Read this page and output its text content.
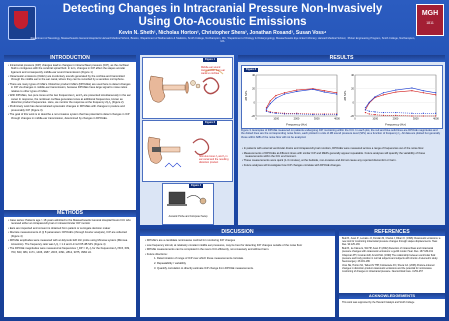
Detecting Changes in Intracranial Pressure Non-Invasively Using Oto-Acoustic Emissions
Kevin N. Sheth¹, Nicholas Horton², Christopher Shera³, Jonathan Rosand¹, Susan Voss⁴
¹Department of Neurology, Massachusetts General Hospital & Harvard Medical School, Boston, ²Department of Mathematics & Statistics, Smith College, Northampton, MA, ³Department of Otology & Otolaryngology, Massachusetts Eye & Ear Infirmary, Harvard Medical School, ⁴Picker Engineering Program, Smith College, Northampton, MA
MGH
1811
INTRODUCTION

• Intracranial pressure (ICP) changes lead to changes in intracochlear pressure (ICP), as the cochlear fluid is contiguous with the cerebral spinal fluid. In turn, changes in ICP affect the stapes annular ligament and consequently middle-ear sound transmission (Figure 1)

• Otoacoustic emissions (OAE's) are involuntary sounds generated by the cochlea and transmitted through the middle ear to the ear canal, where they can be recorded by a sensitive microphone.

• There are many types of OAE's. Distortion product OAE's (DPOAEs) are used here to detect changes in ICP via changes in middle-ear transmission, because DPOAEs have large signal to noise ratios relative to other types of OAEs.

• With DPOAEs, two pure tones at the two frequencies f₁ and f₂ are presented simultaneously in the ear canal. In response, the nonlinear cochlea generates tones at additional frequencies, known as distortion product frequencies. Here, we monitor the response at the frequency 2f₁-f₂ (Figure 2).

• Preliminary work has demonstrated systematic changes in DPOAEs with changes in posture and presumably ICP (Figure 3).

• The goal of this work is to describe a non-invasive system that has potential to detect changes in ICP through changes in middle-ear transmission, determined by changes in DPOAEs.

METHODS

• Case series: Patients age > 18 years admitted to the Massachusetts General Hospital Neuro ICU who received either an intraparenchymal or intraventricular ICP monitor

• Ears are inspected and consent is obtained from patient or surrogate decision maker

• Discrete measurements of (i) 8 parameters: DPOAE's (through Fourier analysis), ICP are collected (Figure 4)

• DPOAE amplitudes were measured with an Etymotic ER 10c probe using Mimosa system (Mimosa Acoustics). The frequency ratio was f₂/f₁ = 1.2 and L1=L2=65 dB SPL (Figure 4)

• The DPOAE magnitudes were measured at frequencies f_DP = 2f₁-f₂ for the frequencies f₂=515, 609, 703, 843, 984, 1171, 1406, 1687, 2015, 2391, 2812, 3375, 3984 Hz.

Figure 1
Middle-ear sound transmission from ear canal to cochlea
Figure 2
Stimulus tones f₁ and f₂ in ear canal and the resulting distortion product
Figure 4
Acoustic Probe and Computer Setup
RESULTS
Figure 3
-20
0
20
40
0	1000	2000	3000	4000
Frequency (Hz)
dB SPL
-20
0
20
40
0	1000	2000	3000	4000
Frequency (Hz)
dB SPL
Figure 3. Examples of DPOAE measured on patients undergoing ICP monitoring within the ICU. In each plot, the red and blue solid lines are DPOAE magnitudes and the dotted lines are the corresponding noise floors, each plotted in units of dB sound pressure level (SPL) as a function of frequency f₂. All data are plotted but generally those within 6dB of the noise floor will not be analyzed.

• In patients with external ventricular drains and intraparenchymal monitors, DPOAEs were measured across a range of frequencies out of the noise floor.

• Measurements of DPOAEs at different times with similar ICP and MEPs generally appear repeatable. Future analyses will quantify the variability of these measurements within the ICU environment.

• These measurements were quick (1-3 minutes), at the bedside, non-invasive and did not cause any reported discomfort or harm.

• Future analyses will investigate how ICP changes correlate with DPOAE changes.

DISCUSSION

• DPOAE's are a candidate noninvasive method for monitoring ICP changes

• Low frequency stimuli, at relatively constant middle ear pressures, may be best for detecting ICP changes outside of the noise floor

• DPOAE measurements can be completed in the neuro ICU efficiently, non-invasively and without harm.

• Future directions:

1. Determination of range of ICP over which these measurements correlate.

2. Repeatability / variability

3. Quantify correlation to directly estimate ICP change from DPOAE measurements.

REFERENCES

Buki B., Avan P., Lemaire JJ, Dordain M, Chazal J, Ribari O. (1996) Otoacoustic emissions: a new tool for monitoring intracranial pressure changes through stapes displacements. Hear. Res. 94:125-139

Buki B., de Kleine E, Wit HP, Avan P. (2002) Detection of intracochlear and intracranial pressure changes with otoacoustic emissions: a gerbil model. Hear. Res. 167:180-191

Chapman PH, Cosman ER, Arnold MA. (1990) The relationship between ventricular fluid pressure and body position in normal subjects and subjects with shunts: A telemetric study. Neurosurgery. 26:181-189

Voss SE, Horton NJ, Tabucchi THP, Folowosele FO, Shera CA. (2006) Posture-induced changes in distortion-product otoacoustic emissions and the potential for noninvasive monitoring of changes in intracranial pressure. Neurocritical Care. 4:251-257

ACKNOWLEDGEMENTS
This work was supported by the Harvard Catalyst and Smith College
